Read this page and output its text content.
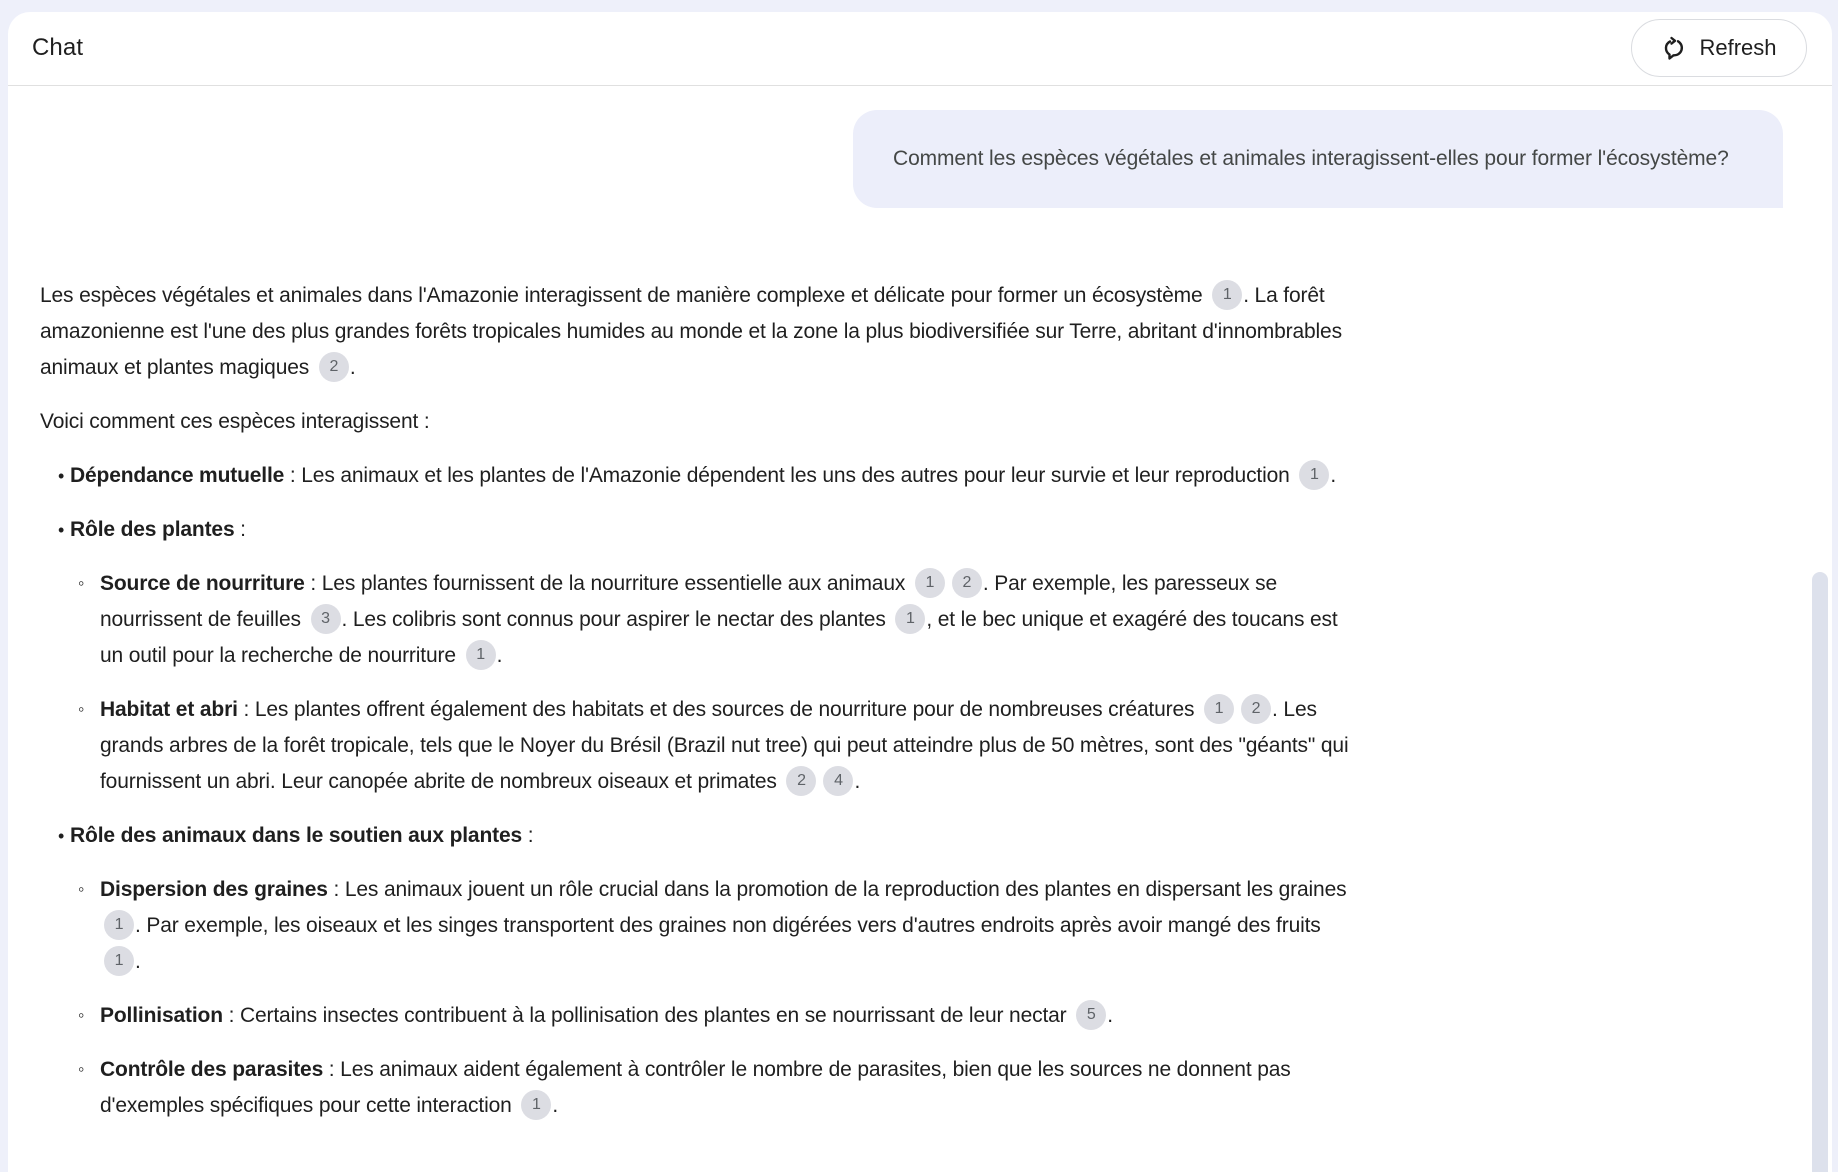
Chat	Refresh
Comment les espèces végétales et animales interagissent-elles pour former l'écosystème?

Les espèces végétales et animales dans l'Amazonie interagissent de manière complexe et délicate pour former un écosystème 1 . La forêt amazonienne est l'une des plus grandes forêts tropicales humides au monde et la zone la plus biodiversifiée sur Terre, abritant d'innombrables animaux et plantes magiques 2 .

Voici comment ces espèces interagissent :

• Dépendance mutuelle : Les animaux et les plantes de l'Amazonie dépendent les uns des autres pour leur survie et leur reproduction 1 .
• Rôle des plantes :
◦ Source de nourriture : Les plantes fournissent de la nourriture essentielle aux animaux 1 2 . Par exemple, les paresseux se nourrissent de feuilles 3 . Les colibris sont connus pour aspirer le nectar des plantes 1 , et le bec unique et exagéré des toucans est un outil pour la recherche de nourriture 1 .
◦ Habitat et abri : Les plantes offrent également des habitats et des sources de nourriture pour de nombreuses créatures 1 2 . Les grands arbres de la forêt tropicale, tels que le Noyer du Brésil (Brazil nut tree) qui peut atteindre plus de 50 mètres, sont des "géants" qui fournissent un abri. Leur canopée abrite de nombreux oiseaux et primates 2 4 .
• Rôle des animaux dans le soutien aux plantes :
◦ Dispersion des graines : Les animaux jouent un rôle crucial dans la promotion de la reproduction des plantes en dispersant les graines 1 . Par exemple, les oiseaux et les singes transportent des graines non digérées vers d'autres endroits après avoir mangé des fruits 1 .
◦ Pollinisation : Certains insectes contribuent à la pollinisation des plantes en se nourrissant de leur nectar 5 .
◦ Contrôle des parasites : Les animaux aident également à contrôler le nombre de parasites, bien que les sources ne donnent pas d'exemples spécifiques pour cette interaction 1 .
